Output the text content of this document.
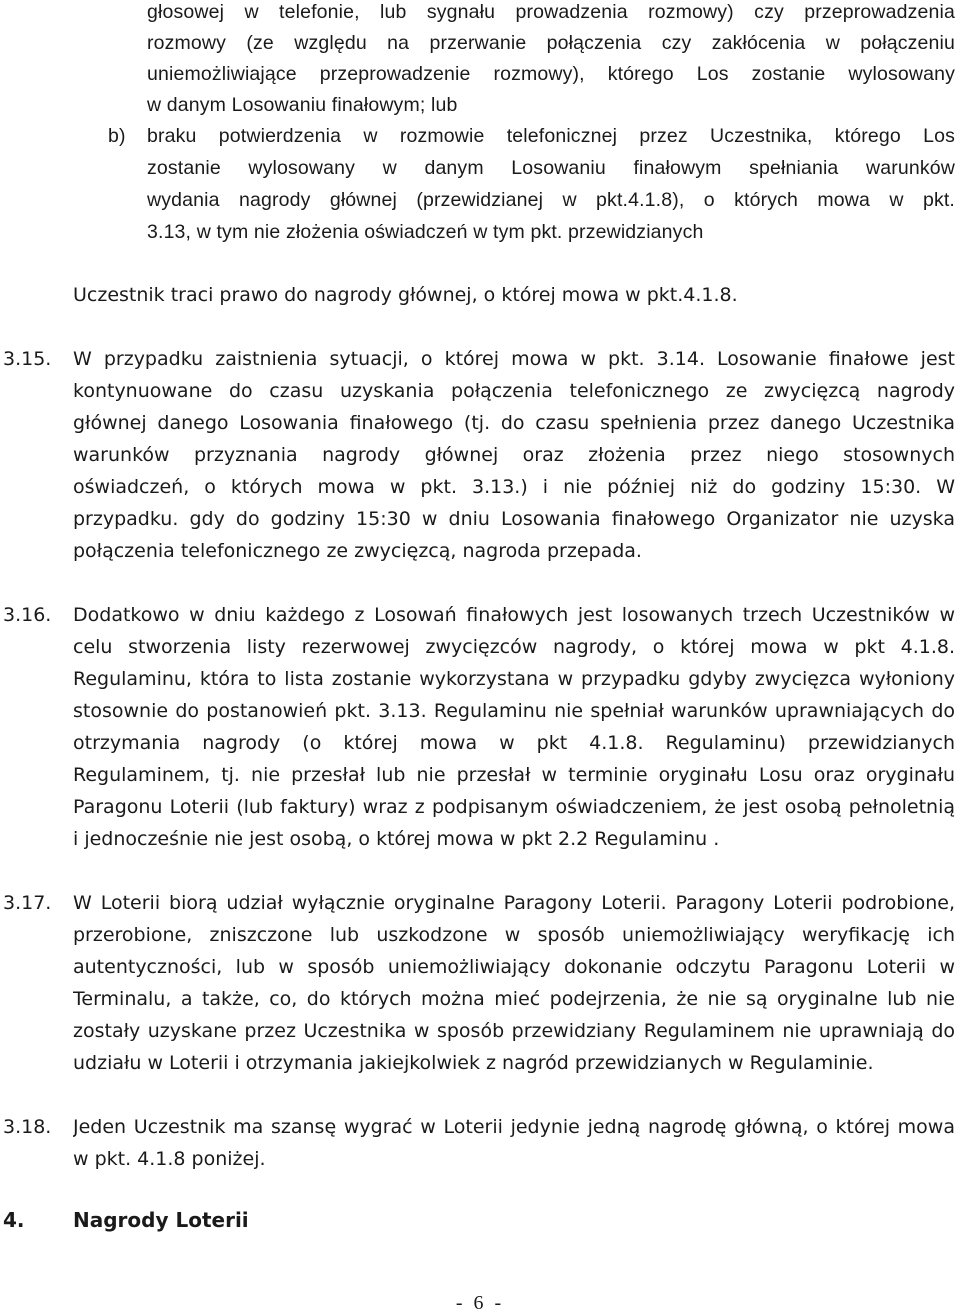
głosowej w telefonie, lub sygnału prowadzenia rozmowy) czy przeprowadzenia
rozmowy (ze względu na przerwanie połączenia czy zakłócenia w połączeniu
uniemożliwiające przeprowadzenie rozmowy), którego Los zostanie wylosowany
w danym Losowaniu finałowym; lub
b) braku potwierdzenia w rozmowie telefonicznej przez Uczestnika, którego Los
zostanie wylosowany w danym Losowaniu finałowym spełniania warunków
wydania nagrody głównej (przewidzianej w pkt.4.1.8), o których mowa w pkt.
3.13, w tym nie złożenia oświadczeń w tym pkt. przewidzianych
Uczestnik traci prawo do nagrody głównej, o której mowa w pkt.4.1.8.
3.15. W przypadku zaistnienia sytuacji, o której mowa w pkt. 3.14. Losowanie finałowe jest
kontynuowane do czasu uzyskania połączenia telefonicznego ze zwycięzcą nagrody
głównej danego Losowania finałowego (tj. do czasu spełnienia przez danego Uczestnika
warunków przyznania nagrody głównej oraz złożenia przez niego stosownych
oświadczeń, o których mowa w pkt. 3.13.) i nie później niż do godziny 15:30. W
przypadku. gdy do godziny 15:30 w dniu Losowania finałowego Organizator nie uzyska
połączenia telefonicznego ze zwycięzcą, nagroda przepada.
3.16. Dodatkowo w dniu każdego z Losowań finałowych jest losowanych trzech Uczestników w
celu stworzenia listy rezerwowej zwycięzców nagrody, o której mowa w pkt 4.1.8.
Regulaminu, która to lista zostanie wykorzystana w przypadku gdyby zwycięzca wyłoniony
stosownie do postanowień pkt. 3.13. Regulaminu nie spełniał warunków uprawniających do
otrzymania nagrody (o której mowa w pkt 4.1.8. Regulaminu) przewidzianych
Regulaminem, tj. nie przesłał lub nie przesłał w terminie oryginału Losu oraz oryginału
Paragonu Loterii (lub faktury) wraz z podpisanym oświadczeniem, że jest osobą pełnoletnią
i jednocześnie nie jest osobą, o której mowa w pkt 2.2 Regulaminu .
3.17. W Loterii biorą udział wyłącznie oryginalne Paragony Loterii. Paragony Loterii podrobione,
przerobione, zniszczone lub uszkodzone w sposób uniemożliwiający weryfikację ich
autentyczności, lub w sposób uniemożliwiający dokonanie odczytu Paragonu Loterii w
Terminalu, a także, co, do których można mieć podejrzenia, że nie są oryginalne lub nie
zostały uzyskane przez Uczestnika w sposób przewidziany Regulaminem nie uprawniają do
udziału w Loterii i otrzymania jakiejkolwiek z nagród przewidzianych w Regulaminie.
3.18. Jeden Uczestnik ma szansę wygrać w Loterii jedynie jedną nagrodę główną, o której mowa
w pkt. 4.1.8 poniżej.
4. Nagrody Loterii
- 6 -
